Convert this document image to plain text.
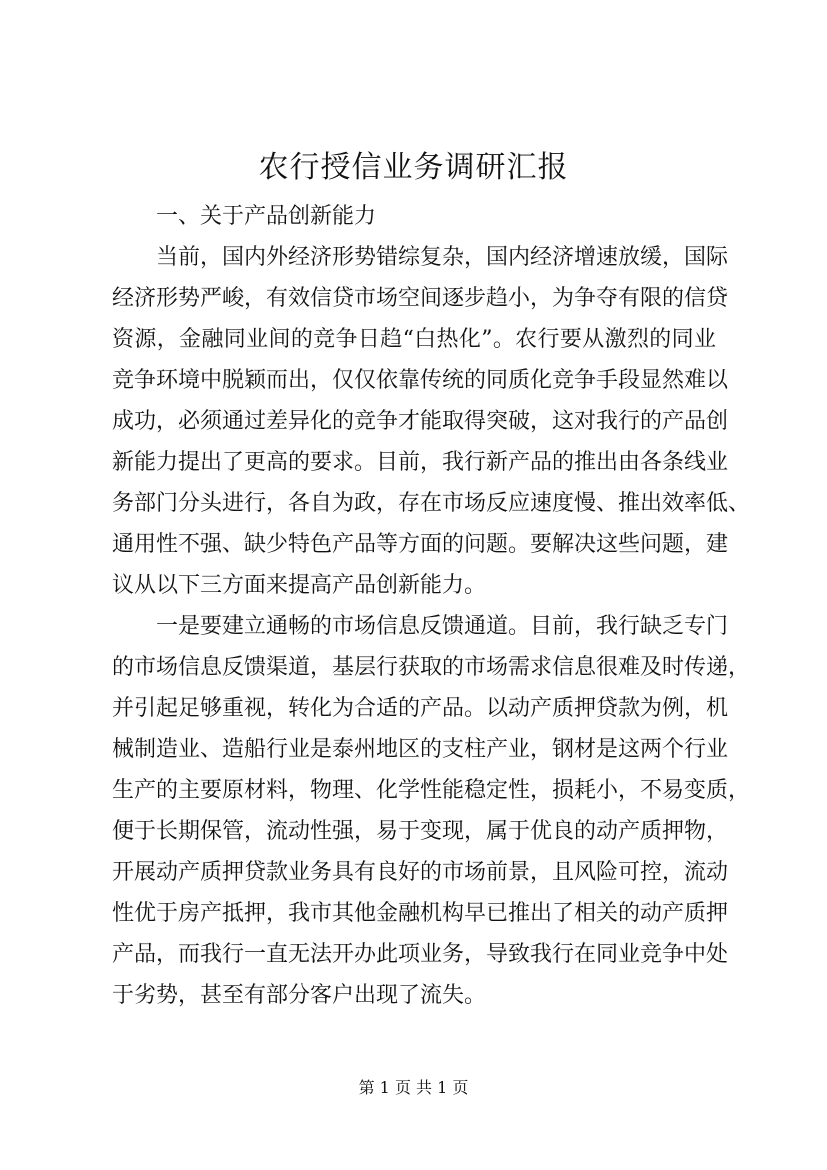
农行授信业务调研汇报
一、关于产品创新能力
当前，国内外经济形势错综复杂，国内经济增速放缓，国际
经济形势严峻，有效信贷市场空间逐步趋小，为争夺有限的信贷
资源，金融同业间的竞争日趋“白热化”。农行要从激烈的同业
竞争环境中脱颖而出，仅仅依靠传统的同质化竞争手段显然难以
成功，必须通过差异化的竞争才能取得突破，这对我行的产品创
新能力提出了更高的要求。目前，我行新产品的推出由各条线业
务部门分头进行，各自为政，存在市场反应速度慢、推出效率低、
通用性不强、缺少特色产品等方面的问题。要解决这些问题，建
议从以下三方面来提高产品创新能力。
一是要建立通畅的市场信息反馈通道。目前，我行缺乏专门
的市场信息反馈渠道，基层行获取的市场需求信息很难及时传递，
并引起足够重视，转化为合适的产品。以动产质押贷款为例，机
械制造业、造船行业是泰州地区的支柱产业，钢材是这两个行业
生产的主要原材料，物理、化学性能稳定性，损耗小，不易变质，
便于长期保管，流动性强，易于变现，属于优良的动产质押物，
开展动产质押贷款业务具有良好的市场前景，且风险可控，流动
性优于房产抵押，我市其他金融机构早已推出了相关的动产质押
产品，而我行一直无法开办此项业务，导致我行在同业竞争中处
于劣势，甚至有部分客户出现了流失。
第 1 页 共 1 页
